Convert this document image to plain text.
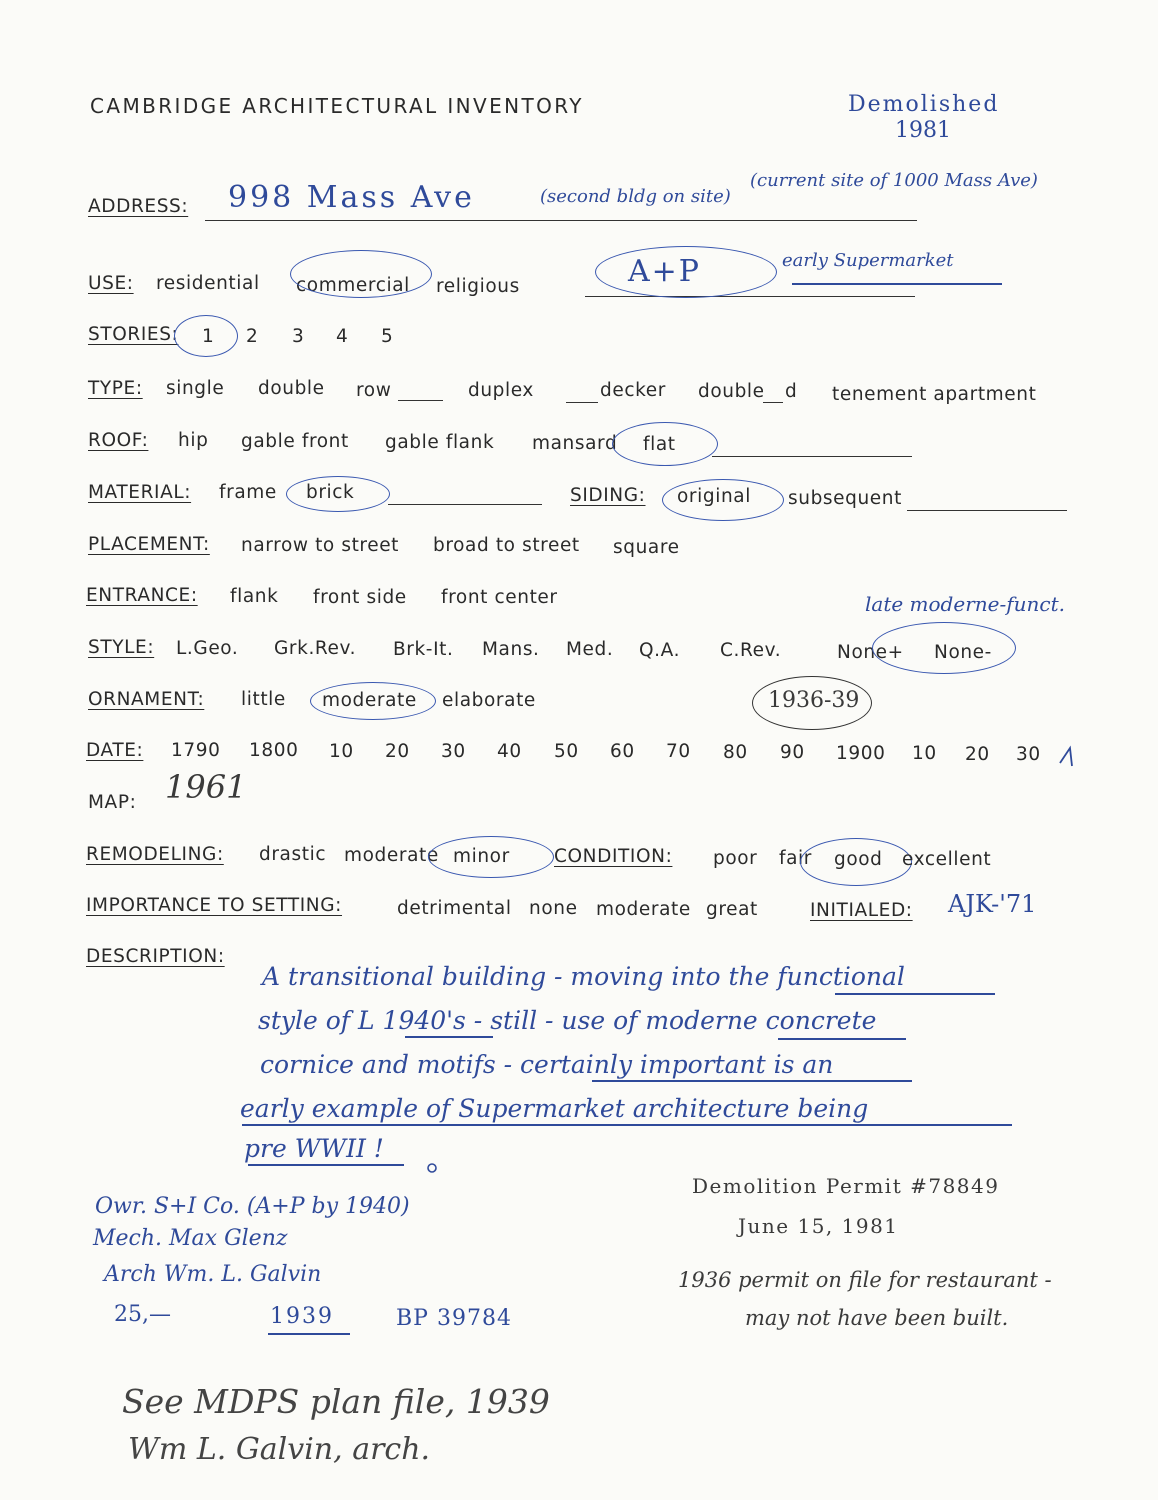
CAMBRIDGE ARCHITECTURAL INVENTORY	Demolished
1981
ADDRESS: 998 Mass Ave	(second bldg on site)
(current site of 1000 Mass Ave)
USE: residential commercial religious	A+P	early Supermarket
STORIES: 1 2 3 4 5
TYPE: single double row	duplex	decker double d tenement apartment
ROOF: hip gable front gable flank mansard flat
MATERIAL: frame brick	SIDING: original subsequent
PLACEMENT: narrow to street broad to street square
ENTRANCE: flank front side front center	late moderne-funct.
STYLE: L.Geo. Grk.Rev. Brk-It. Mans. Med. Q.A. C.Rev.	None+ None-
ORNAMENT: little moderate elaborate	1936-39
DATE: 1790 1800 10 20 30 40 50 60 70 80 90 1900 10 20 30
MAP: 1961
REMODELING: drastic moderate minor CONDITION: poor fair good excellent
IMPORTANCE TO SETTING:	detrimental none moderate great	INITIALED: AJK-'71
DESCRIPTION:
A transitional building - moving into the functional
style of L 1940's - still - use of moderne concrete
cornice and motifs - certainly important is an
early example of Supermarket architecture being
pre WWII !
Owr. S+I Co. (A+P by 1940)
Mech. Max Glenz
Arch Wm. L. Galvin
25,—	1939	BP 39784
Demolition Permit #78849
June 15, 1981
1936 permit on file for restaurant -
may not have been built.
See MDPS plan file, 1939
Wm L. Galvin, arch.
